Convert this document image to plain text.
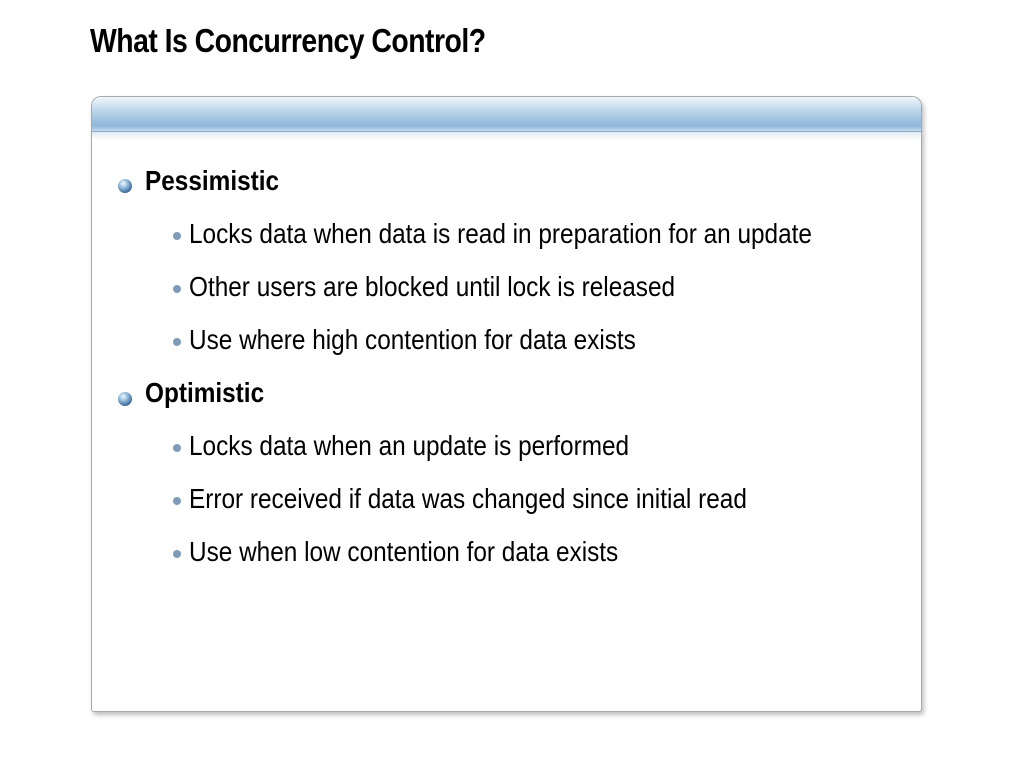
What Is Concurrency Control?
Pessimistic
Locks data when data is read in preparation for an update
Other users are blocked until lock is released
Use where high contention for data exists
Optimistic
Locks data when an update is performed
Error received if data was changed since initial read
Use when low contention for data exists
